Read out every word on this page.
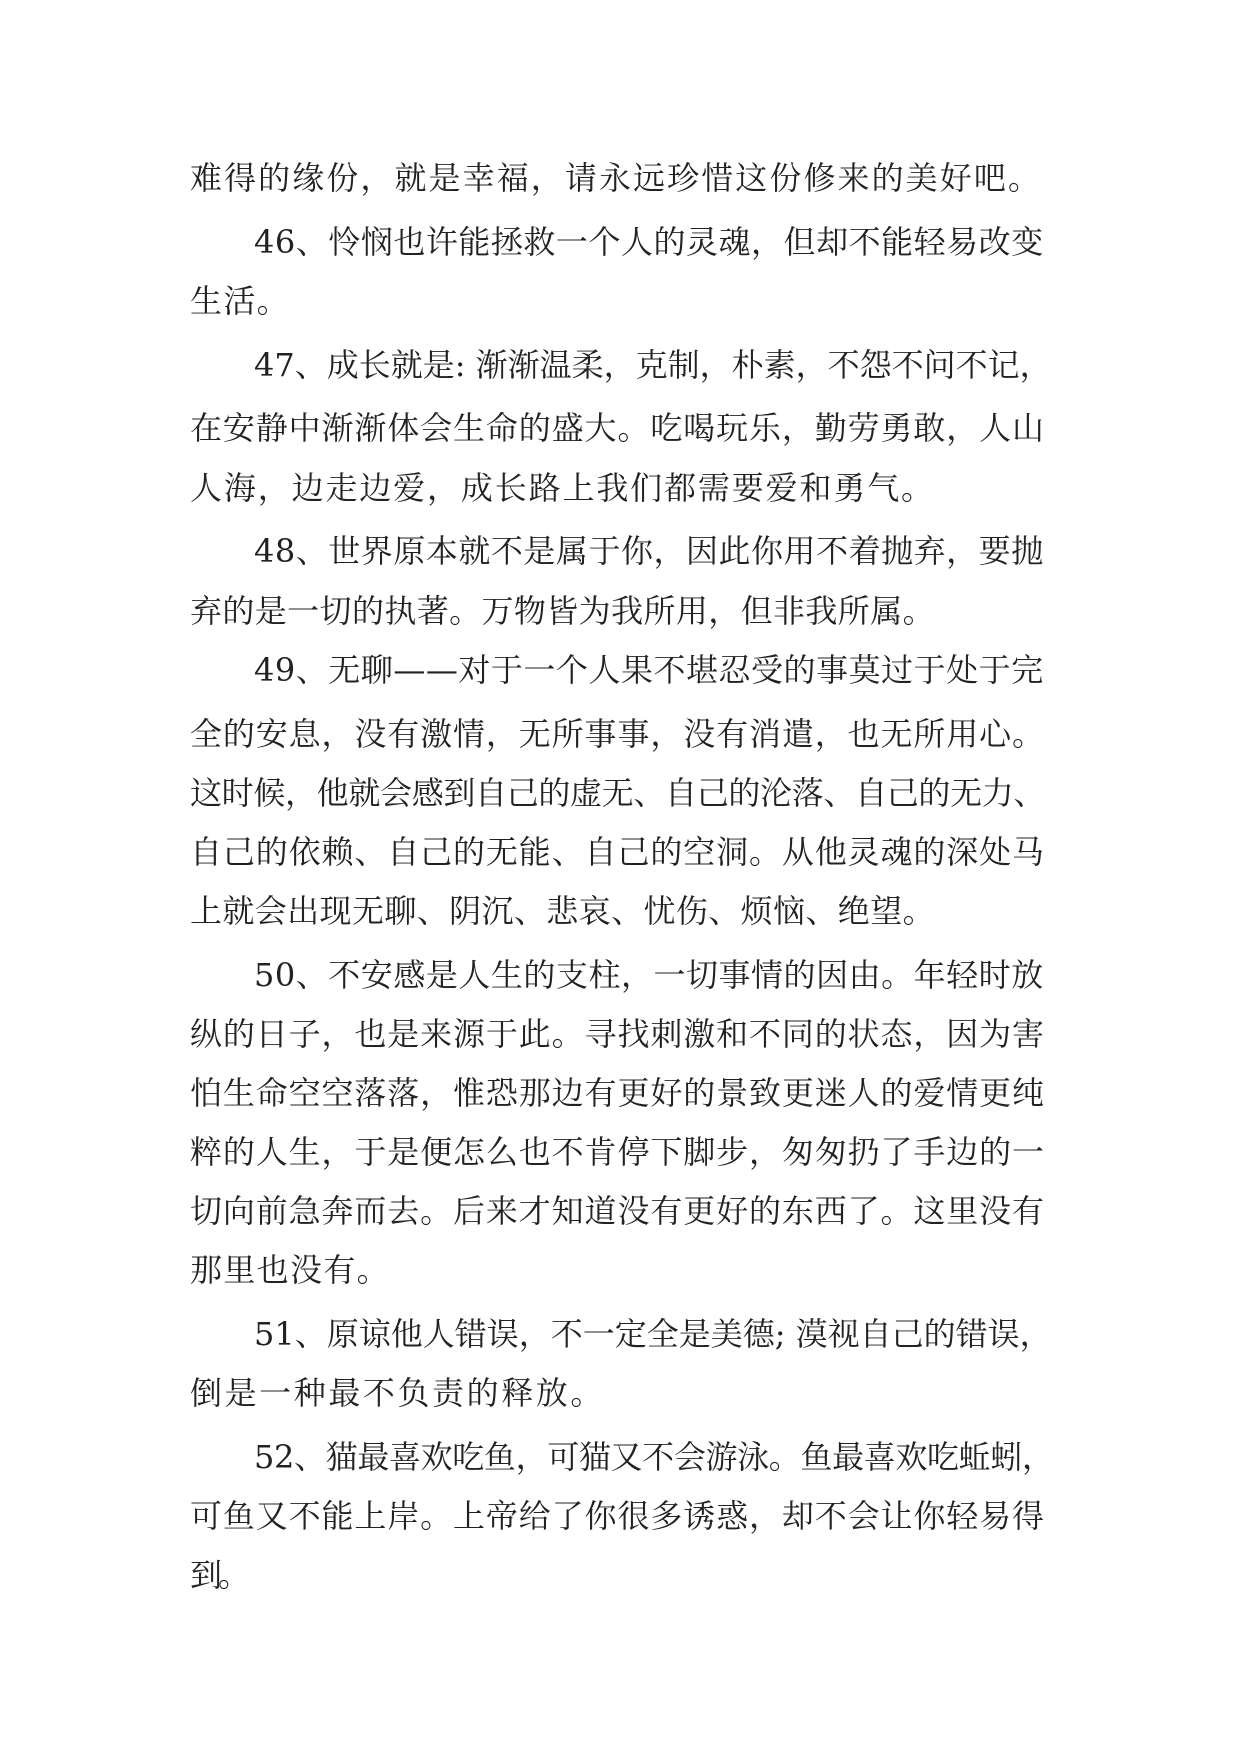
难得的缘份，就是幸福，请永远珍惜这份修来的美好吧。

46、怜悯也许能拯救一个人的灵魂，但却不能轻易改变

生活。

47、成长就是: 渐渐温柔，克制，朴素，不怨不问不记，

在安静中渐渐体会生命的盛大。吃喝玩乐，勤劳勇敢，人山

人海，边走边爱，成长路上我们都需要爱和勇气。

48、世界原本就不是属于你，因此你用不着抛弃，要抛

弃的是一切的执著。万物皆为我所用，但非我所属。

49、无聊——对于一个人果不堪忍受的事莫过于处于完

全的安息，没有激情，无所事事，没有消遣，也无所用心。

这时候，他就会感到自己的虚无、自己的沦落、自己的无力、

自己的依赖、自己的无能、自己的空洞。从他灵魂的深处马

上就会出现无聊、阴沉、悲哀、忧伤、烦恼、绝望。

50、不安感是人生的支柱，一切事情的因由。年轻时放

纵的日子，也是来源于此。寻找刺激和不同的状态，因为害

怕生命空空落落，惟恐那边有更好的景致更迷人的爱情更纯

粹的人生，于是便怎么也不肯停下脚步，匆匆扔了手边的一

切向前急奔而去。后来才知道没有更好的东西了。这里没有

那里也没有。

51、原谅他人错误，不一定全是美德; 漠视自己的错误，

倒是一种最不负责的释放。

52、猫最喜欢吃鱼，可猫又不会游泳。鱼最喜欢吃蚯蚓，

可鱼又不能上岸。上帝给了你很多诱惑，却不会让你轻易得

到。
